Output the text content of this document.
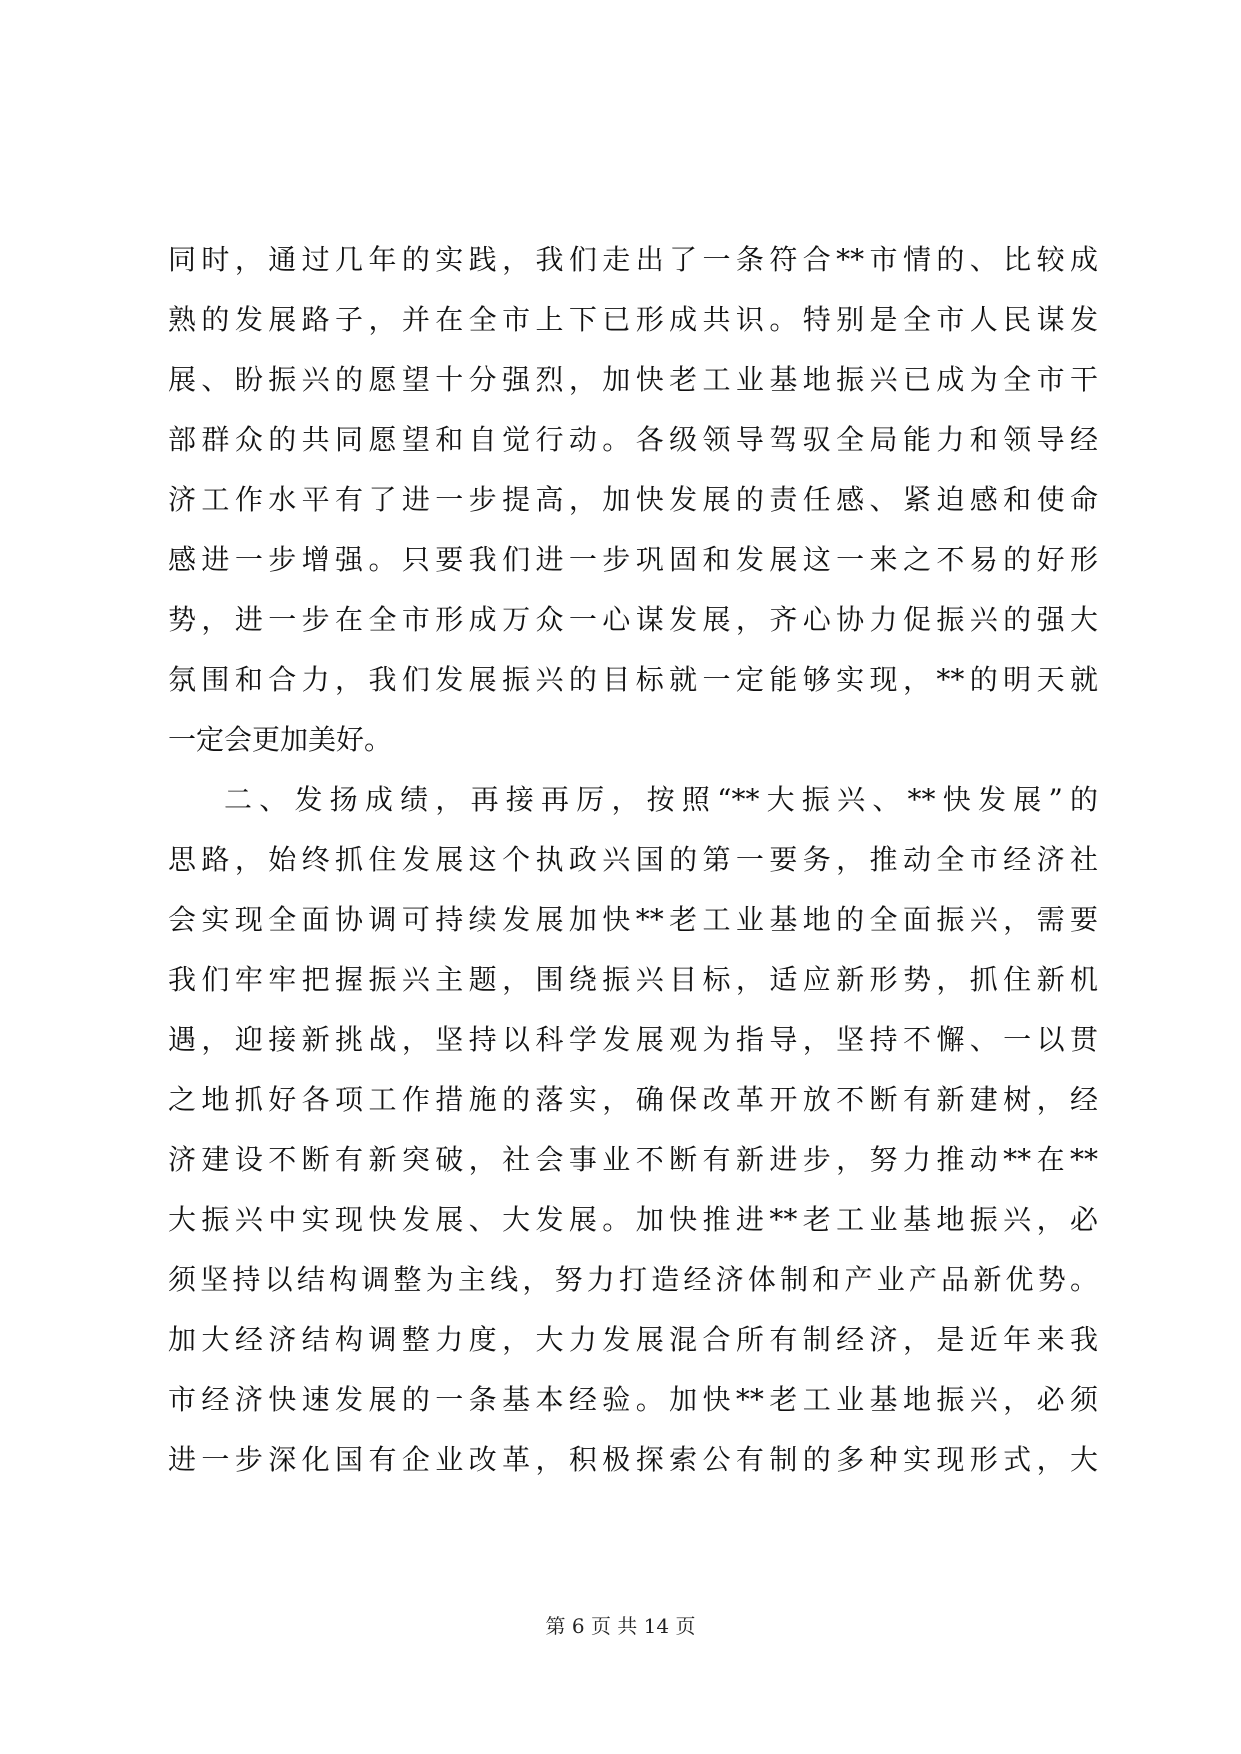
同时，通过几年的实践，我们走出了一条符合**市情的、比较成
熟的发展路子，并在全市上下已形成共识。特别是全市人民谋发
展、盼振兴的愿望十分强烈，加快老工业基地振兴已成为全市干
部群众的共同愿望和自觉行动。各级领导驾驭全局能力和领导经
济工作水平有了进一步提高，加快发展的责任感、紧迫感和使命
感进一步增强。只要我们进一步巩固和发展这一来之不易的好形
势，进一步在全市形成万众一心谋发展，齐心协力促振兴的强大
氛围和合力，我们发展振兴的目标就一定能够实现，**的明天就
一定会更加美好。
二、发扬成绩，再接再厉，按照“**大振兴、**快发展”的
思路，始终抓住发展这个执政兴国的第一要务，推动全市经济社
会实现全面协调可持续发展加快**老工业基地的全面振兴，需要
我们牢牢把握振兴主题，围绕振兴目标，适应新形势，抓住新机
遇，迎接新挑战，坚持以科学发展观为指导，坚持不懈、一以贯
之地抓好各项工作措施的落实，确保改革开放不断有新建树，经
济建设不断有新突破，社会事业不断有新进步，努力推动**在**
大振兴中实现快发展、大发展。加快推进**老工业基地振兴，必
须坚持以结构调整为主线，努力打造经济体制和产业产品新优势。
加大经济结构调整力度，大力发展混合所有制经济，是近年来我
市经济快速发展的一条基本经验。加快**老工业基地振兴，必须
进一步深化国有企业改革，积极探索公有制的多种实现形式，大
第 6 页 共 14 页
